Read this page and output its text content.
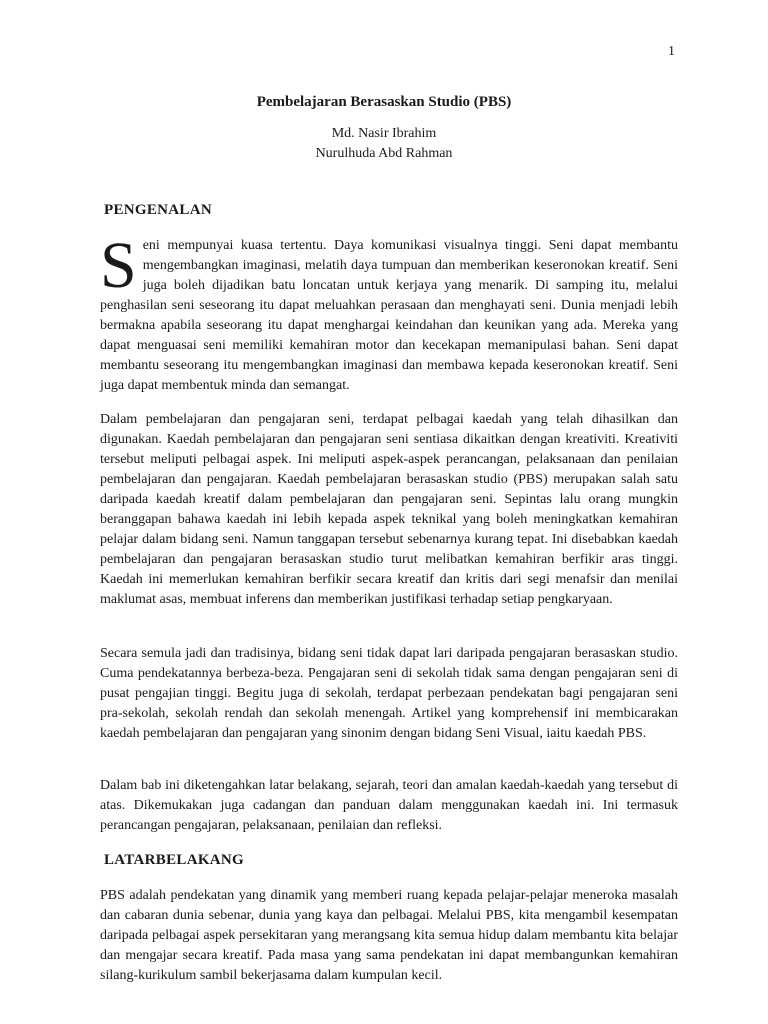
1
Pembelajaran Berasaskan Studio (PBS)
Md. Nasir Ibrahim
Nurulhuda Abd Rahman
PENGENALAN

S eni mempunyai kuasa tertentu. Daya komunikasi visualnya tinggi. Seni dapat membantu mengembangkan imaginasi, melatih daya tumpuan dan memberikan keseronokan kreatif. Seni juga boleh dijadikan batu loncatan untuk kerjaya yang menarik. Di samping itu, melalui penghasilan seni seseorang itu dapat meluahkan perasaan dan menghayati seni. Dunia menjadi lebih bermakna apabila seseorang itu dapat menghargai keindahan dan keunikan yang ada. Mereka yang dapat menguasai seni memiliki kemahiran motor dan kecekapan memanipulasi bahan. Seni dapat membantu seseorang itu mengembangkan imaginasi dan membawa kepada keseronokan kreatif. Seni juga dapat membentuk minda dan semangat.

Dalam pembelajaran dan pengajaran seni, terdapat pelbagai kaedah yang telah dihasilkan dan digunakan. Kaedah pembelajaran dan pengajaran seni sentiasa dikaitkan dengan kreativiti. Kreativiti tersebut meliputi pelbagai aspek. Ini meliputi aspek-aspek perancangan, pelaksanaan dan penilaian pembelajaran dan pengajaran. Kaedah pembelajaran berasaskan studio (PBS) merupakan salah satu daripada kaedah kreatif dalam pembelajaran dan pengajaran seni. Sepintas lalu orang mungkin beranggapan bahawa kaedah ini lebih kepada aspek teknikal yang boleh meningkatkan kemahiran pelajar dalam bidang seni. Namun tanggapan tersebut sebenarnya kurang tepat. Ini disebabkan kaedah pembelajaran dan pengajaran berasaskan studio turut melibatkan kemahiran berfikir aras tinggi. Kaedah ini memerlukan kemahiran berfikir secara kreatif dan kritis dari segi menafsir dan menilai maklumat asas, membuat inferens dan memberikan justifikasi terhadap setiap pengkaryaan.

Secara semula jadi dan tradisinya, bidang seni tidak dapat lari daripada pengajaran berasaskan studio. Cuma pendekatannya berbeza-beza. Pengajaran seni di sekolah tidak sama dengan pengajaran seni di pusat pengajian tinggi. Begitu juga di sekolah, terdapat perbezaan pendekatan bagi pengajaran seni pra-sekolah, sekolah rendah dan sekolah menengah. Artikel yang komprehensif ini membicarakan kaedah pembelajaran dan pengajaran yang sinonim dengan bidang Seni Visual, iaitu kaedah PBS.

Dalam bab ini diketengahkan latar belakang, sejarah, teori dan amalan kaedah-kaedah yang tersebut di atas. Dikemukakan juga cadangan dan panduan dalam menggunakan kaedah ini. Ini termasuk perancangan pengajaran, pelaksanaan, penilaian dan refleksi.

LATARBELAKANG

PBS adalah pendekatan yang dinamik yang memberi ruang kepada pelajar-pelajar meneroka masalah dan cabaran dunia sebenar, dunia yang kaya dan pelbagai. Melalui PBS, kita mengambil kesempatan daripada pelbagai aspek persekitaran yang merangsang kita semua hidup dalam membantu kita belajar dan mengajar secara kreatif. Pada masa yang sama pendekatan ini dapat membangunkan kemahiran silang-kurikulum sambil bekerjasama dalam kumpulan kecil.
